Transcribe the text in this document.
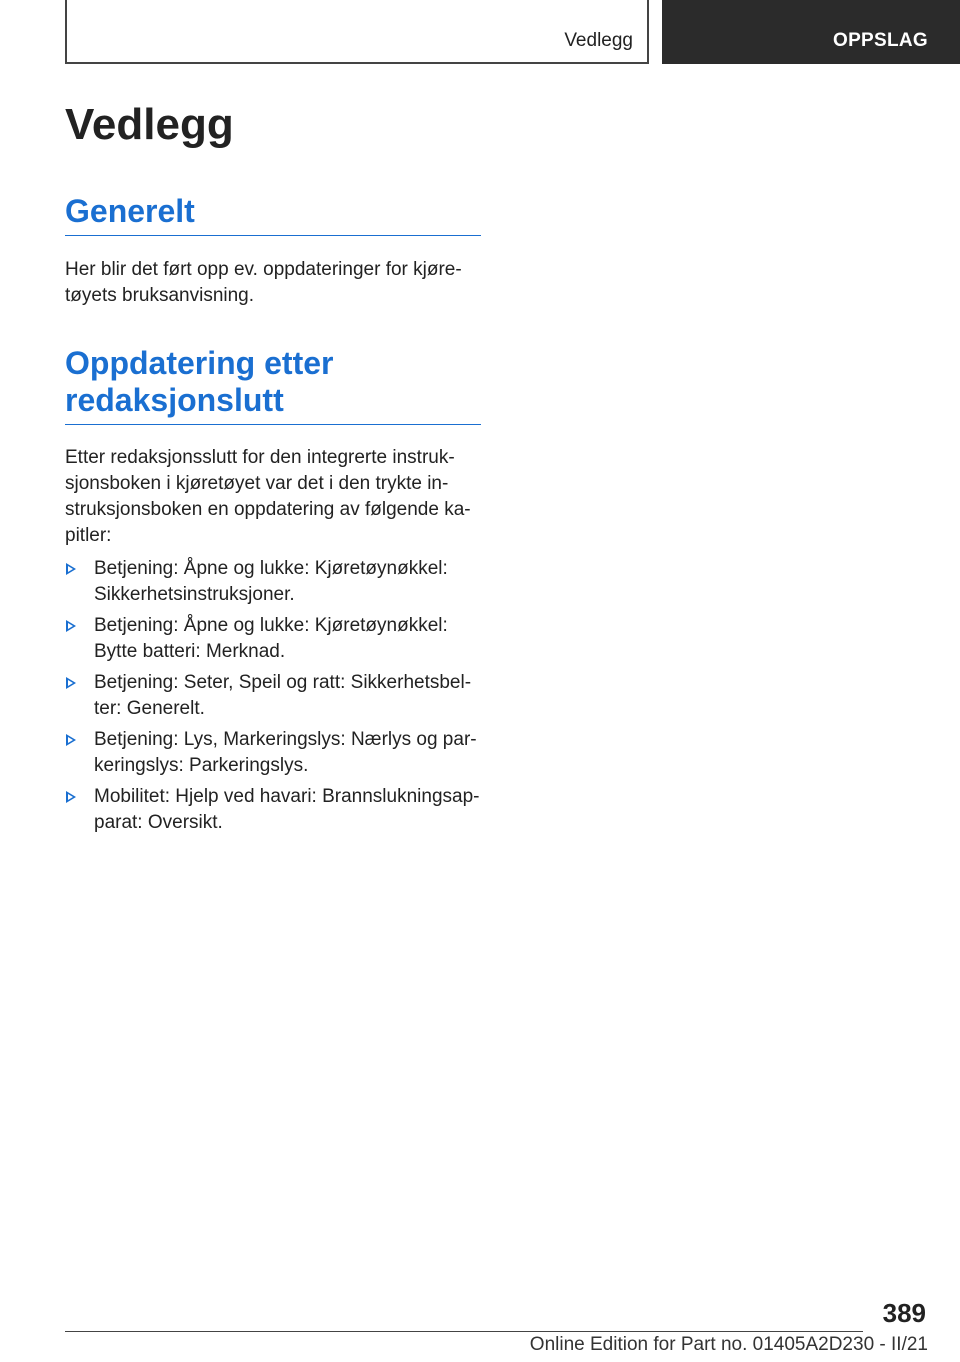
Vedlegg	OPPSLAG
Vedlegg
Generelt

Her blir det ført opp ev. oppdateringer for kjøretøyets bruksanvisning.

Oppdatering etter redaksjonslutt

Etter redaksjonsslutt for den integrerte instruksjonsboken i kjøretøyet var det i den trykte instruksjonsboken en oppdatering av følgende kapitler:

Betjening: Åpne og lukke: Kjøretøynøkkel: Sikkerhetsinstruksjoner.
Betjening: Åpne og lukke: Kjøretøynøkkel: Bytte batteri: Merknad.
Betjening: Seter, Speil og ratt: Sikkerhetsbelter: Generelt.
Betjening: Lys, Markeringslys: Nærlys og parkeringslys: Parkeringslys.
Mobilitet: Hjelp ved havari: Brannslukningsapparat: Oversikt.
389
Online Edition for Part no. 01405A2D230 - II/21
